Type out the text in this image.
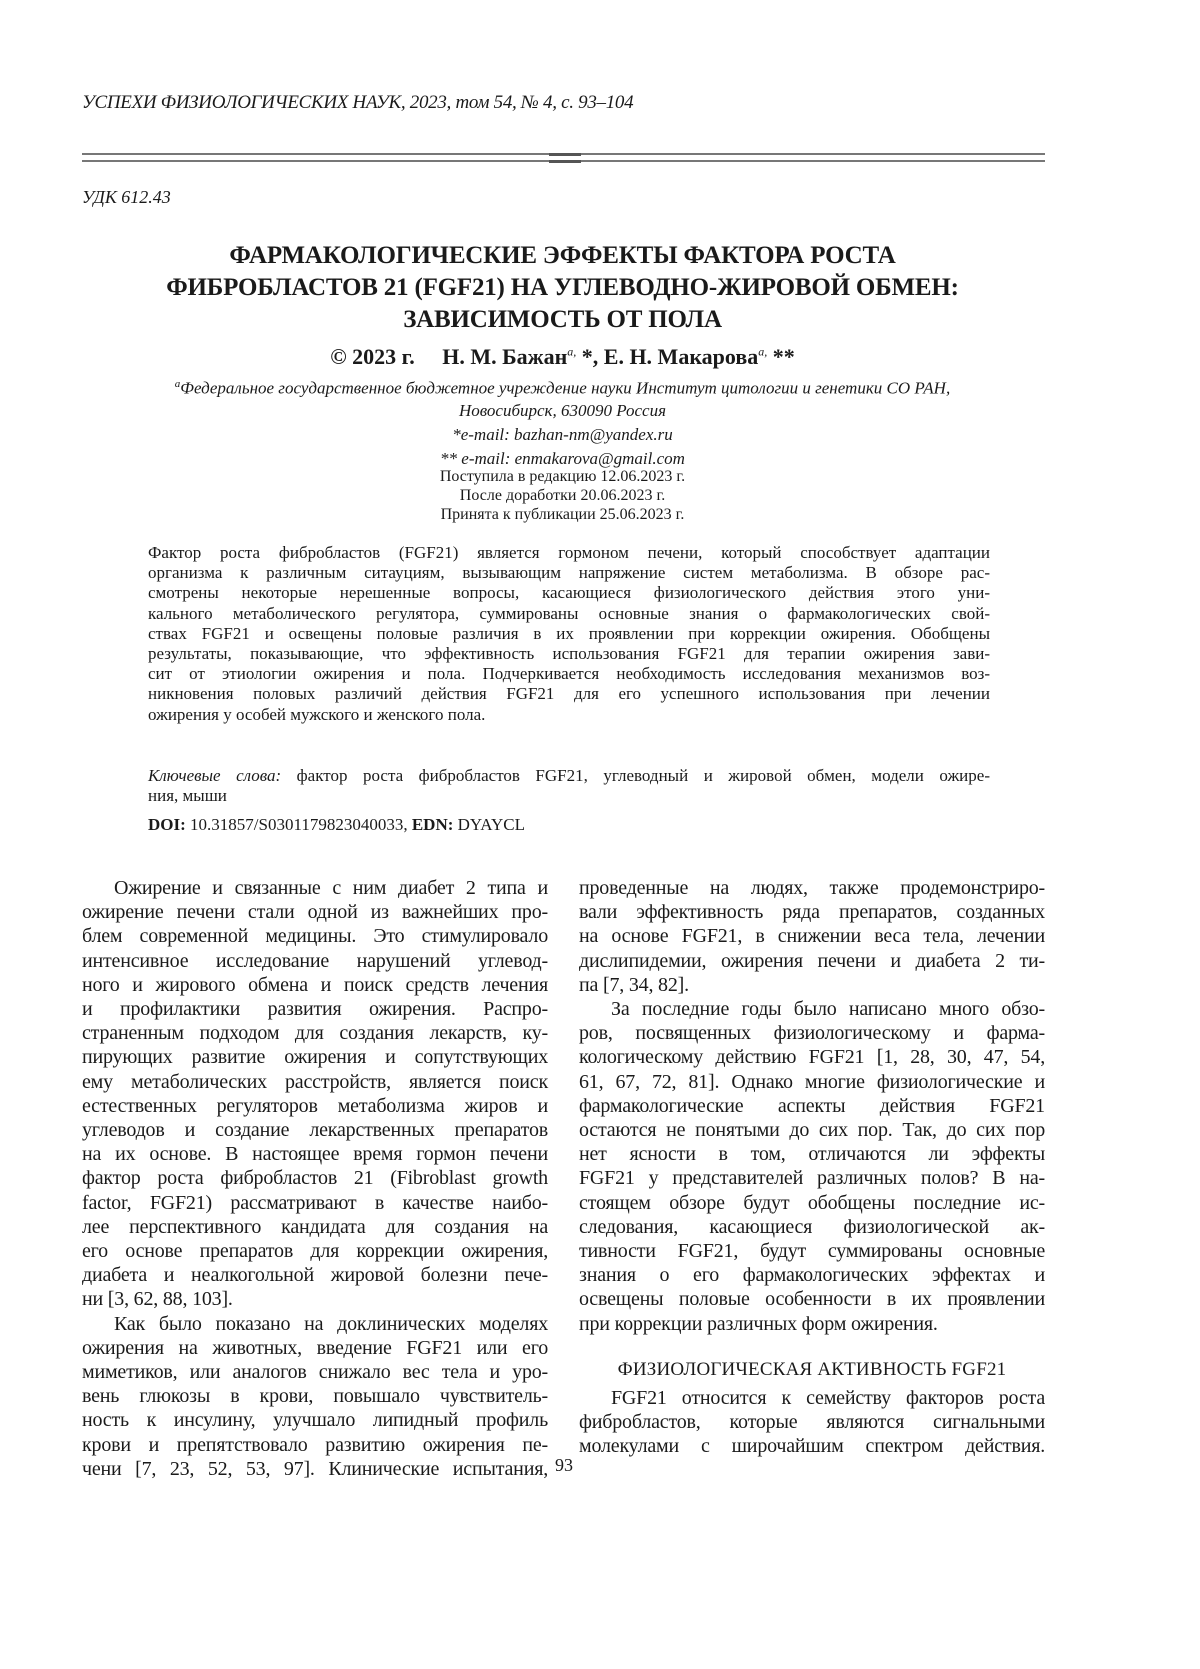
УСПЕХИ ФИЗИОЛОГИЧЕСКИХ НАУК, 2023, том 54, № 4, с. 93–104
УДК 612.43
ФАРМАКОЛОГИЧЕСКИЕ ЭФФЕКТЫ ФАКТОРА РОСТА
ФИБРОБЛАСТОВ 21 (FGF21) НА УГЛЕВОДНО-ЖИРОВОЙ ОБМЕН:
ЗАВИСИМОСТЬ ОТ ПОЛА
© 2023 г. Н. М. Бажанa, *, Е. Н. Макароваa, **
aФедеральное государственное бюджетное учреждение науки Институт цитологии и генетики СО РАН,
Новосибирск, 630090 Россия
*e-mail: bazhan-nm@yandex.ru
** e-mail: enmakarova@gmail.com
Поступила в редакцию 12.06.2023 г.
После доработки 20.06.2023 г.
Принята к публикации 25.06.2023 г.
Фактор роста фибробластов (FGF21) является гормоном печени, который способствует адаптации
организма к различным ситауциям, вызывающим напряжение систем метаболизма. В обзоре рас-
смотрены некоторые нерешенные вопросы, касающиеся физиологического действия этого уни-
кального метаболического регулятора, суммированы основные знания о фармакологических свой-
ствах FGF21 и освещены половые различия в их проявлении при коррекции ожирения. Обобщены
результаты, показывающие, что эффективность использования FGF21 для терапии ожирения зави-
сит от этиологии ожирения и пола. Подчеркивается необходимость исследования механизмов воз-
никновения половых различий действия FGF21 для его успешного использования при лечении
ожирения у особей мужского и женского пола.
Ключевые слова: фактор роста фибробластов FGF21, углеводный и жировой обмен, модели ожире-
ния, мыши
DOI: 10.31857/S0301179823040033, EDN: DYAYCL
Ожирение и связанные с ним диабет 2 типа и
ожирение печени стали одной из важнейших про-
блем современной медицины. Это стимулировало
интенсивное исследование нарушений углевод-
ного и жирового обмена и поиск средств лечения
и профилактики развития ожирения. Распро-
страненным подходом для создания лекарств, ку-
пирующих развитие ожирения и сопутствующих
ему метаболических расстройств, является поиск
естественных регуляторов метаболизма жиров и
углеводов и создание лекарственных препаратов
на их основе. В настоящее время гормон печени
фактор роста фибробластов 21 (Fibroblast growth
factor, FGF21) рассматривают в качестве наибо-
лее перспективного кандидата для создания на
его основе препаратов для коррекции ожирения,
диабета и неалкогольной жировой болезни пече-
ни [3, 62, 88, 103].
Как было показано на доклинических моделях
ожирения на животных, введение FGF21 или его
миметиков, или аналогов снижало вес тела и уро-
вень глюкозы в крови, повышало чувствитель-
ность к инсулину, улучшало липидный профиль
крови и препятствовало развитию ожирения пе-
чени [7, 23, 52, 53, 97]. Клинические испытания,
проведенные на людях, также продемонстриро-
вали эффективность ряда препаратов, созданных
на основе FGF21, в снижении веса тела, лечении
дислипидемии, ожирения печени и диабета 2 ти-
па [7, 34, 82].
За последние годы было написано много обзо-
ров, посвященных физиологическому и фарма-
кологическому действию FGF21 [1, 28, 30, 47, 54,
61, 67, 72, 81]. Однако многие физиологические и
фармакологические аспекты действия FGF21
остаются не понятыми до сих пор. Так, до сих пор
нет ясности в том, отличаются ли эффекты
FGF21 у представителей различных полов? В на-
стоящем обзоре будут обобщены последние ис-
следования, касающиеся физиологической ак-
тивности FGF21, будут суммированы основные
знания о его фармакологических эффектах и
освещены половые особенности в их проявлении
при коррекции различных форм ожирения.
ФИЗИОЛОГИЧЕСКАЯ АКТИВНОСТЬ FGF21
FGF21 относится к семейству факторов роста
фибробластов, которые являются сигнальными
молекулами с широчайшим спектром действия.
93
